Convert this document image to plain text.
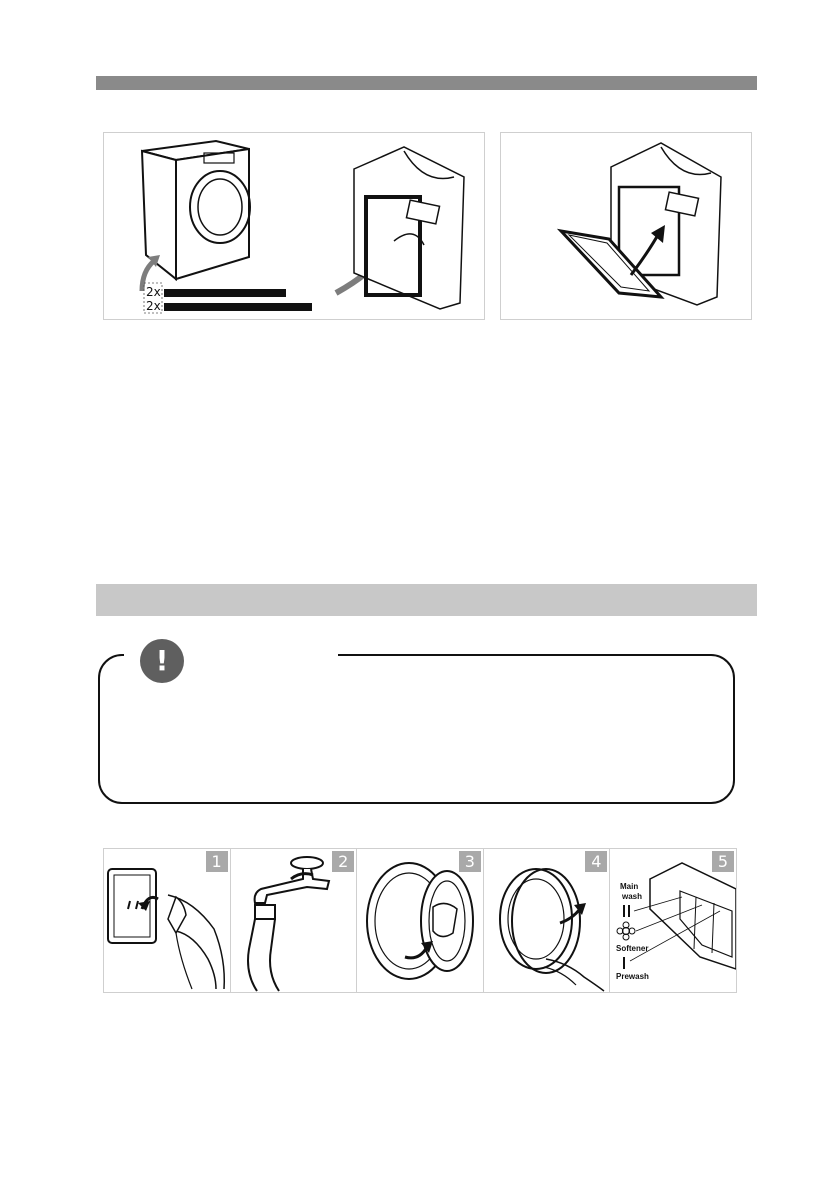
2x
2x
!
1	2	3	4
Main
wash
Softener
Prewash
5
